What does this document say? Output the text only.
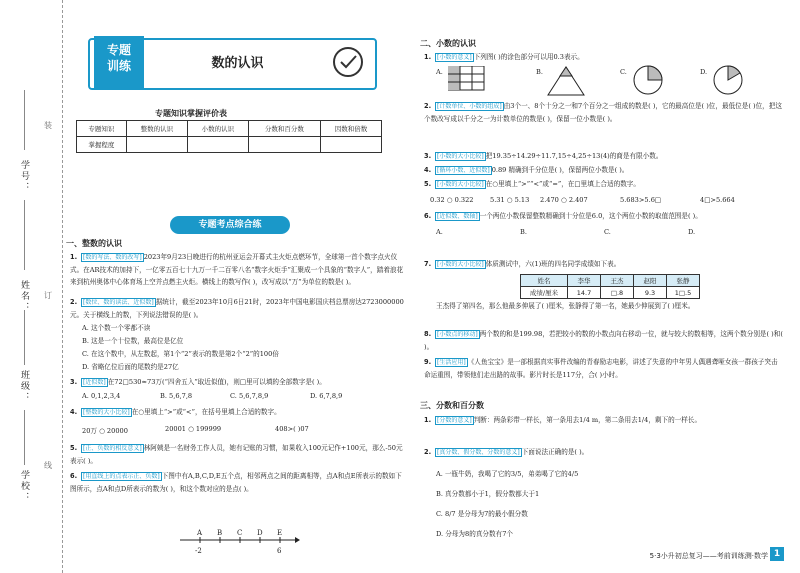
学号：
姓名：
班级：
学校：
装
订
线
专题
训练	数的认识
专题知识掌握评价表
专题知识	整数的认识	小数的认识	分数和百分数	因数和倍数
掌握程度				
专题考点综合练
一、整数的认识
1. [数的写法、数的改写] 2023年9月23日晚进行的杭州亚运会开幕式主火炬点燃环节，全球第一首个数字点火仪式。在AR技术的加持下，一亿零五百七十九万一千二百零八名“数字火炬手”汇聚成一个具象的“数字人”，踏着浪花来到杭州奥体中心体育场上空并点燃主火炬。横线上的数写作( )，改写成以“万”为单位的数是( )。
2. [数位、数的读法、近似数] 据统计，截至2023年10月6日21时，2023年中国电影国庆档总票房达2723000000元。关于横线上的数，下列说法错误的是( )。
A. 这个数一个零都不读
B. 这是一个十位数，最高位是亿位
C. 在这个数中，从左数起，第1个“2”表示的数是第2个“2”的100倍
D. 省略亿位后面的尾数约是27亿
3. [近似数] 在72□530≈73万(“四舍五入”取近似值)，则□里可以填的全部数字是( )。
A. 0,1,2,3,4	B. 5,6,7,8	C. 5,6,7,8,9	D. 6,7,8,9
4. [整数的大小比较] 在○里填上“>”或“<”，在括号里填上合适的数字。
20万 ○ 20000	20001 ○ 199999	408>( )07
5. [正、负数的相反意义] 林阿姨是一名财务工作人员，她有记账的习惯，如果收入100元记作+100元，那么-50元表示( )。
6. [用直线上的点表示正、负数] 下图中有A,B,C,D,E五个点，相邻两点之间的距离相等，点A和点E所表示的数如下图所示，点A和点D所表示的数为( )，和这个数对应的是点( )。
A B C D E
-2	6
二、小数的认识
1. [小数的意义] 下列图( )的涂色部分可以用0.3表示。
A.	B.	C.	D.
2. [计数单位、小数的组成] 由3个一、8个十分之一和7个百分之一组成的数是( )，它的最高位是( )位，最低位是( )位，把这个数改写成以千分之一为计数单位的数是( )，保留一位小数是( )。
3. [小数的大小比较] 把19.35÷14.29÷11.7,15÷4,25÷13(4)的商是有限小数。
4. [循环小数、近似数] 0.89 精确到千分位是( )，保留两位小数是( )。
5. [小数的大小比较] 在○里填上“>”“<”或“=”，在□里填上合适的数字。
0.32 ○ 0.322 5.31 ○ 5.13 2.470 ○ 2.407	5.683>5.6□	4□>5.664
6. [近似数、数轴] 一个两位小数保留整数精确到十分位是6.0，这个两位小数的取值范围是( )。
A.	B.	C.	D.
7. [小数的大小比较] 体质测试中，六(1)班的四名同学成绩如下表。
姓名	李华	王杰	赵阳	张静
成绩/厘米	14.7	□.8	9.3	1□.5
王杰得了第四名，那么他最多伸展了( )厘米，张静得了第一名，她最少伸展到了( )厘米。
8. [小数点的移动] 两个数的和是199.98，若把较小的数的小数点向右移动一位，就与较大的数相等，这两个数分别是( )和( )。
9. [生活应用] 《人鱼宝宝》是一部根据真实事件改编的青春励志电影，讲述了失意的中年男人偶遇聋哑女孩一群孩子突击命运重围，带领他们走出路的故事。影片时长是117分，合( )小时。
三、分数和百分数
1. [分数的意义] 判断：两条彩带一样长，第一条用去1/4 m，第二条用去1/4，剩下的一样长。
2. [真分数、假分数、分数的意义] 下面说法正确的是( )。
A. 一瓶牛奶，我喝了它的3/5，弟弟喝了它的4/5
B. 真分数都小于1，假分数都大于1
C. 8/7 是分母为7的最小假分数
D. 分母为8的真分数有7个
5·3小升初总复习——考前训练测·数学 1
